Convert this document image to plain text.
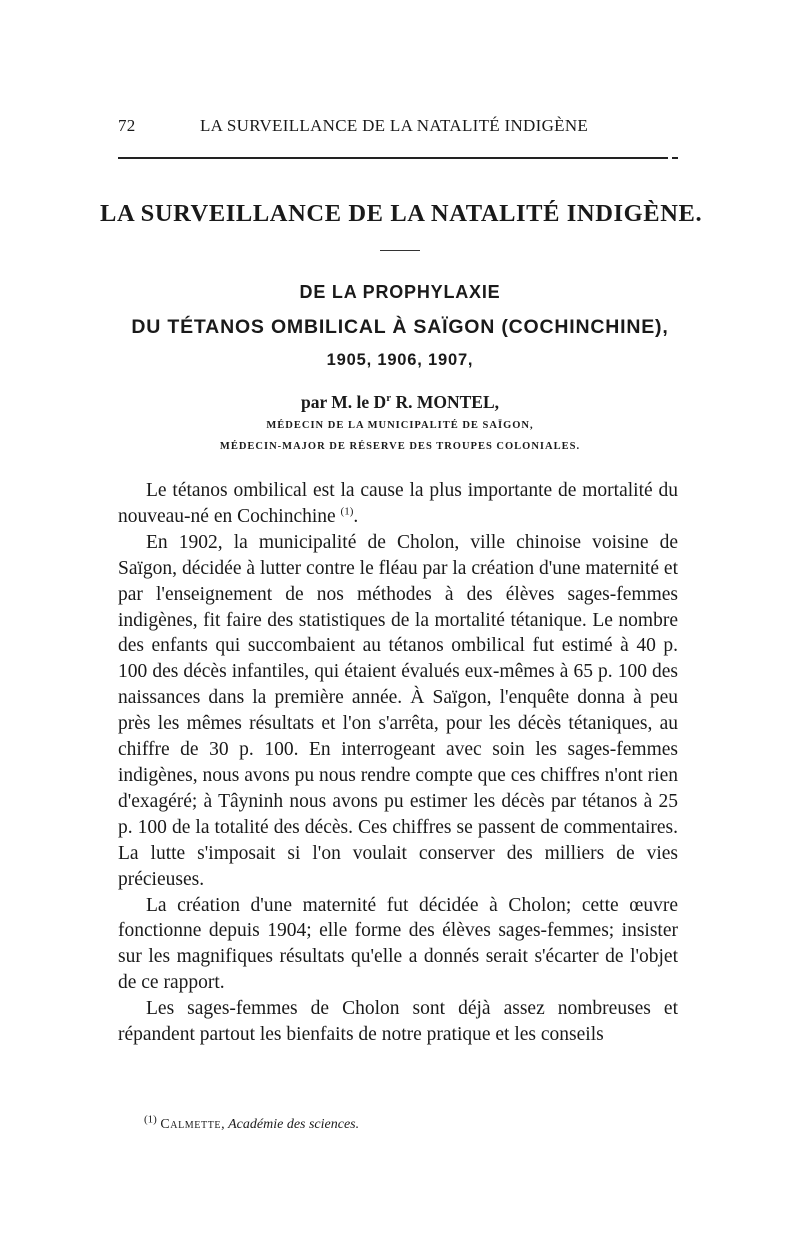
72	LA SURVEILLANCE DE LA NATALITÉ INDIGÈNE
LA SURVEILLANCE DE LA NATALITÉ INDIGÈNE.
DE LA PROPHYLAXIE
DU TÉTANOS OMBILICAL À SAÏGON (COCHINCHINE),
1905, 1906, 1907,
par M. le $D^r$ R. MONTEL,
MÉDECIN DE LA MUNICIPALITÉ DE SAÏGON,
MÉDECIN-MAJOR DE RÉSERVE DES TROUPES COLONIALES.

Le tétanos ombilical est la cause la plus importante de mortalité du nouveau-né en Cochinchine $^{(1)}$.

En 1902, la municipalité de Cholon, ville chinoise voisine de Saïgon, décidée à lutter contre le fléau par la création d'une maternité et par l'enseignement de nos méthodes à des élèves sages-femmes indigènes, fit faire des statistiques de la mortalité tétanique. Le nombre des enfants qui succombaient au tétanos ombilical fut estimé à 40 p. 100 des décès infantiles, qui étaient évalués eux-mêmes à 65 p. 100 des naissances dans la première année. À Saïgon, l'enquête donna à peu près les mêmes résultats et l'on s'arrêta, pour les décès tétaniques, au chiffre de 30 p. 100. En interrogeant avec soin les sages-femmes indigènes, nous avons pu nous rendre compte que ces chiffres n'ont rien d'exagéré; à Tâyninh nous avons pu estimer les décès par tétanos à 25 p. 100 de la totalité des décès. Ces chiffres se passent de commentaires. La lutte s'imposait si l'on voulait conserver des milliers de vies précieuses.

La création d'une maternité fut décidée à Cholon; cette œuvre fonctionne depuis 1904; elle forme des élèves sages-femmes; insister sur les magnifiques résultats qu'elle a donnés serait s'écarter de l'objet de ce rapport.

Les sages-femmes de Cholon sont déjà assez nombreuses et répandent partout les bienfaits de notre pratique et les conseils

$^{(1)}$ Calmette, Académie des sciences.
